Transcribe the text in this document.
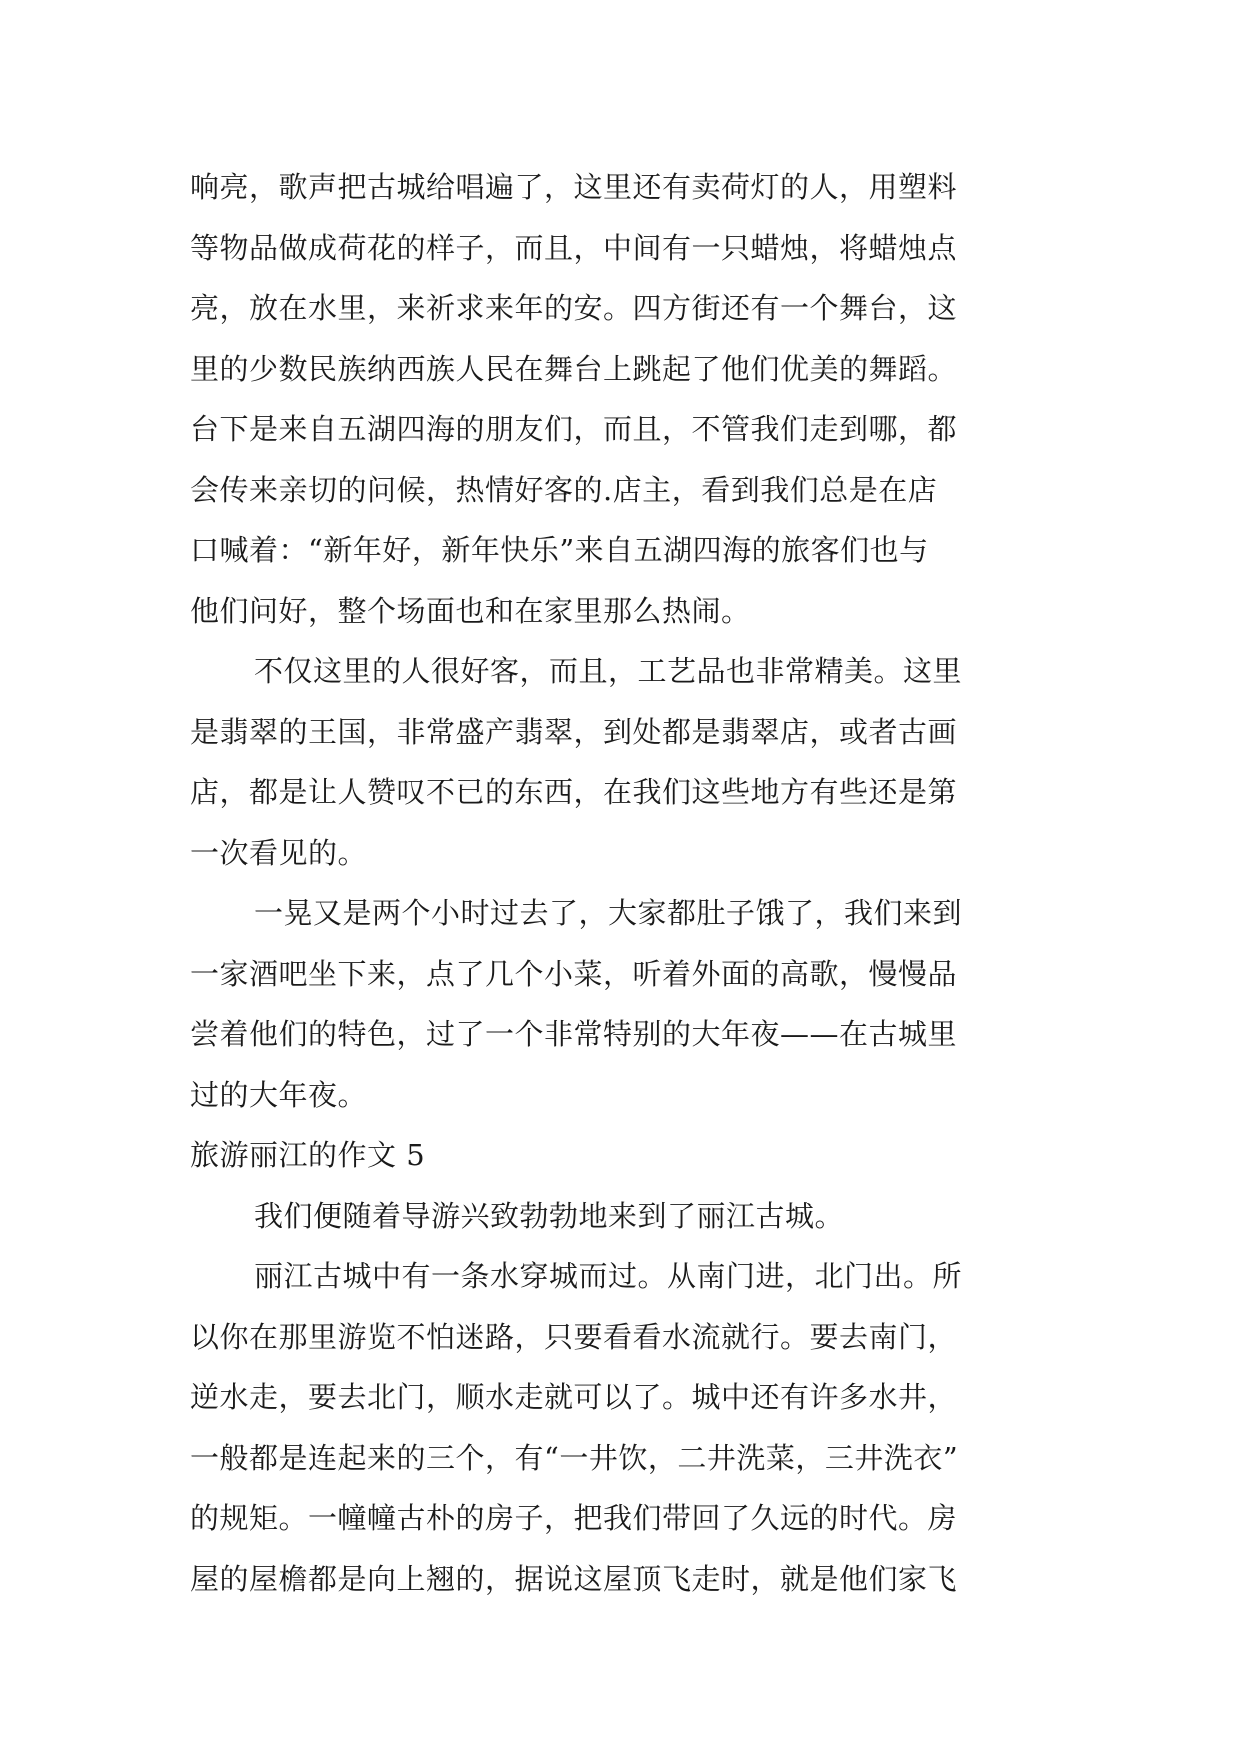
响亮，歌声把古城给唱遍了，这里还有卖荷灯的人，用塑料
等物品做成荷花的样子，而且，中间有一只蜡烛，将蜡烛点
亮，放在水里，来祈求来年的安。四方街还有一个舞台，这
里的少数民族纳西族人民在舞台上跳起了他们优美的舞蹈。
台下是来自五湖四海的朋友们，而且，不管我们走到哪，都
会传来亲切的问候，热情好客的.店主，看到我们总是在店
口喊着：“新年好，新年快乐”来自五湖四海的旅客们也与
他们问好，整个场面也和在家里那么热闹。
不仅这里的人很好客，而且，工艺品也非常精美。这里
是翡翠的王国，非常盛产翡翠，到处都是翡翠店，或者古画
店，都是让人赞叹不已的东西，在我们这些地方有些还是第
一次看见的。
一晃又是两个小时过去了，大家都肚子饿了，我们来到
一家酒吧坐下来，点了几个小菜，听着外面的高歌，慢慢品
尝着他们的特色，过了一个非常特别的大年夜——在古城里
过的大年夜。
旅游丽江的作文 5
我们便随着导游兴致勃勃地来到了丽江古城。
丽江古城中有一条水穿城而过。从南门进，北门出。所
以你在那里游览不怕迷路，只要看看水流就行。要去南门，
逆水走，要去北门，顺水走就可以了。城中还有许多水井，
一般都是连起来的三个，有“一井饮，二井洗菜，三井洗衣”
的规矩。一幢幢古朴的房子，把我们带回了久远的时代。房
屋的屋檐都是向上翘的，据说这屋顶飞走时，就是他们家飞
